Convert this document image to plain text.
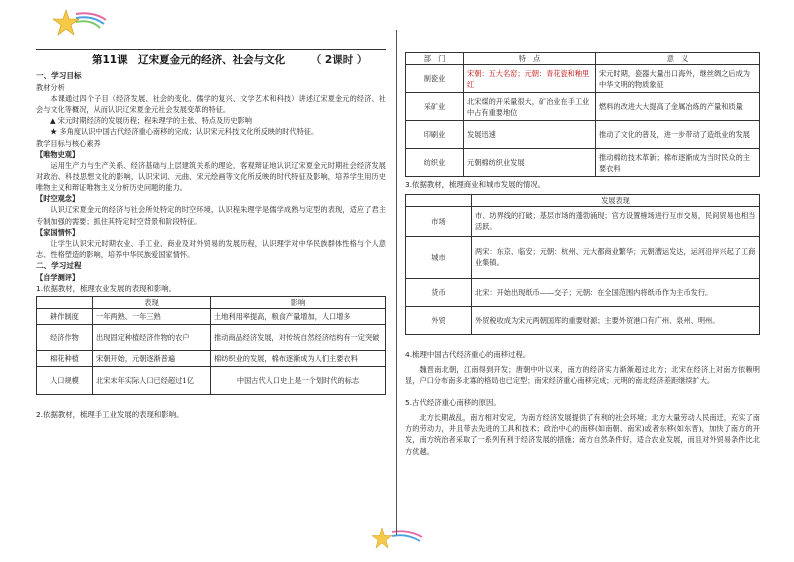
第11课　辽宋夏金元的经济、社会与文化 （ 2课时 ）
一、学习目标
教材分析
本课通过四个子目（经济发展、社会的变化、儒学的复兴、文学艺术和科技）讲述辽宋夏金元的经济、社会与文化等概况，从而认识辽宋夏金元社会发展变革的特征。
▲ 宋元时期经济的发展历程；程朱理学的主张、特点及历史影响
★ 多角度认识中国古代经济重心南移的完成；认识宋元科技文化所反映的时代特征。
教学目标与核心素养
【唯物史观】
运用生产力与生产关系、经济基础与上层建筑关系的理论，客观辩证地认识辽宋夏金元时期社会经济发展对政治、科技思想文化的影响，认识宋词、元曲、宋元绘画等文化所反映的时代特征及影响，培养学生用历史唯物主义和辩证唯物主义分析历史问题的能力。
【时空观念】
认识辽宋夏金元的经济与社会所处特定的时空环境，认识程朱理学是儒学成熟与定型的表现，适应了君主专制加强的需要；抓住其特定时空背景和阶段特征。
【家国情怀】
让学生认识宋元时期农业、手工业、商业及对外贸易的发展历程，认识理学对中华民族群体性格与个人意志、性格塑造的影响，培养中华民族爱国家情怀。
二、学习过程
【自学测评】
1.依据教材，梳理农业发展的表现和影响。
	表现	影响
耕作制度	一年两熟、一年三熟	土地利用率提高，粮食产量增加，人口增多
经济作物	出现固定种植经济作物的农户	推动商品经济发展，对传统自然经济结构有一定突破
棉花种植	宋朝开始，元朝逐渐普遍	棉纺织业的发展，棉布逐渐成为人们主要衣料
人口规模	北宋末年实际人口已经超过1亿	中国古代人口史上是一个划时代的标志
2.依据教材，梳理手工业发展的表现和影响。
部　门	特　点	意　义
制瓷业	宋朝：五大名窑；元朝：青花瓷和釉里红	宋元时期，瓷器大量出口海外，继丝绸之后成为中华文明的物质象征
采矿业	北宋煤的开采量很大，矿冶业在手工业中占有重要地位	燃料的改进大大提高了金属冶炼的产量和质量
印刷业	发展迅速	推动了文化的普及，进一步带动了造纸业的发展
纺织业	元朝棉纺织业发展	推动棉纺技术革新；棉布逐渐成为当时民众的主要衣料
3.依据教材，梳理商业和城市发展的情况。
	发展表现
市场	市、坊界线的打破；基层市场的蓬勃涌现；官方设置榷场进行互市交易，民间贸易也相当活跃。
城市	两宋：东京、临安；元朝：杭州、元大都商业繁华；元朝漕运发达，运河沿岸兴起了工商业集镇。
货币	北宋：开始出现纸币——交子；元朝：在全国范围内将纸币作为主币发行。
外贸	外贸税收成为宋元两朝国库的重要财源；主要外贸港口有广州、泉州、明州。
4.梳理中国古代经济重心的南移过程。
魏晋南北朝，江南得到开发；唐朝中叶以来，南方的经济实力渐渐超过北方；北宋在经济上对南方依赖明显，户口分布南多北寡的格局也已定型；南宋经济重心南移完成；元明的南北经济差距继续扩大。
5.古代经济重心南移的原因。
北方长期战乱，南方相对安定，为南方经济发展提供了有利的社会环境；北方大量劳动人民南迁，充实了南方的劳动力，并且带去先进的工具和技术；政治中心的南移(如南朝、南宋)或者东移(如东晋)，加快了南方的开发，南方统治者采取了一系列有利于经济发展的措施；南方自然条件好，适合农业发展，而且对外贸易条件比北方优越。
